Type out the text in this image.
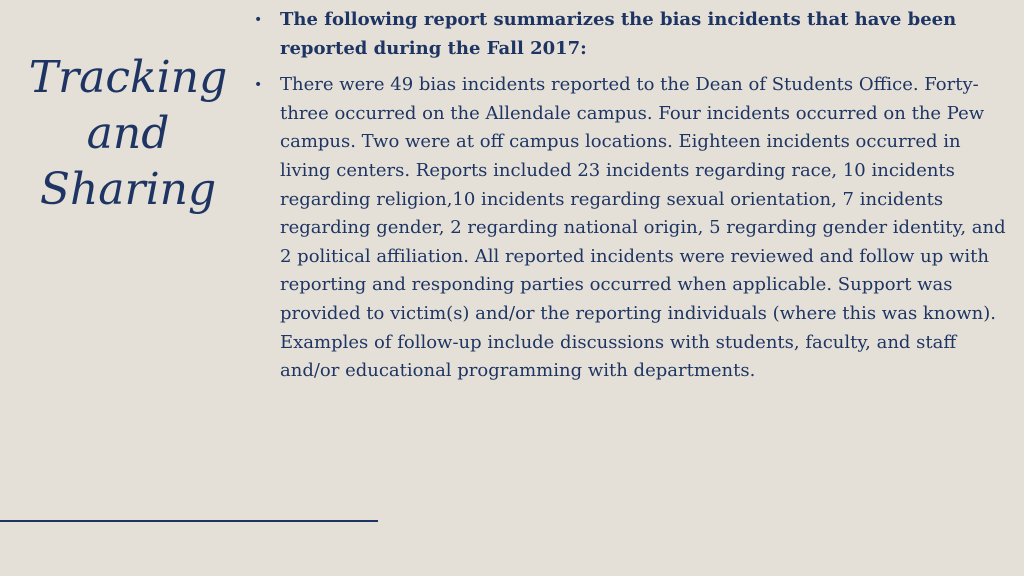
Tracking
and
Sharing
• The following report summarizes the bias incidents that have been reported during the Fall 2017:
• There were 49 bias incidents reported to the Dean of Students Office. Forty-three occurred on the Allendale campus. Four incidents occurred on the Pew campus. Two were at off campus locations. Eighteen incidents occurred in living centers. Reports included 23 incidents regarding race, 10 incidents regarding religion,10 incidents regarding sexual orientation, 7 incidents regarding gender, 2 regarding national origin, 5 regarding gender identity, and 2 political affiliation. All reported incidents were reviewed and follow up with reporting and responding parties occurred when applicable. Support was provided to victim(s) and/or the reporting individuals (where this was known). Examples of follow-up include discussions with students, faculty, and staff and/or educational programming with departments.
